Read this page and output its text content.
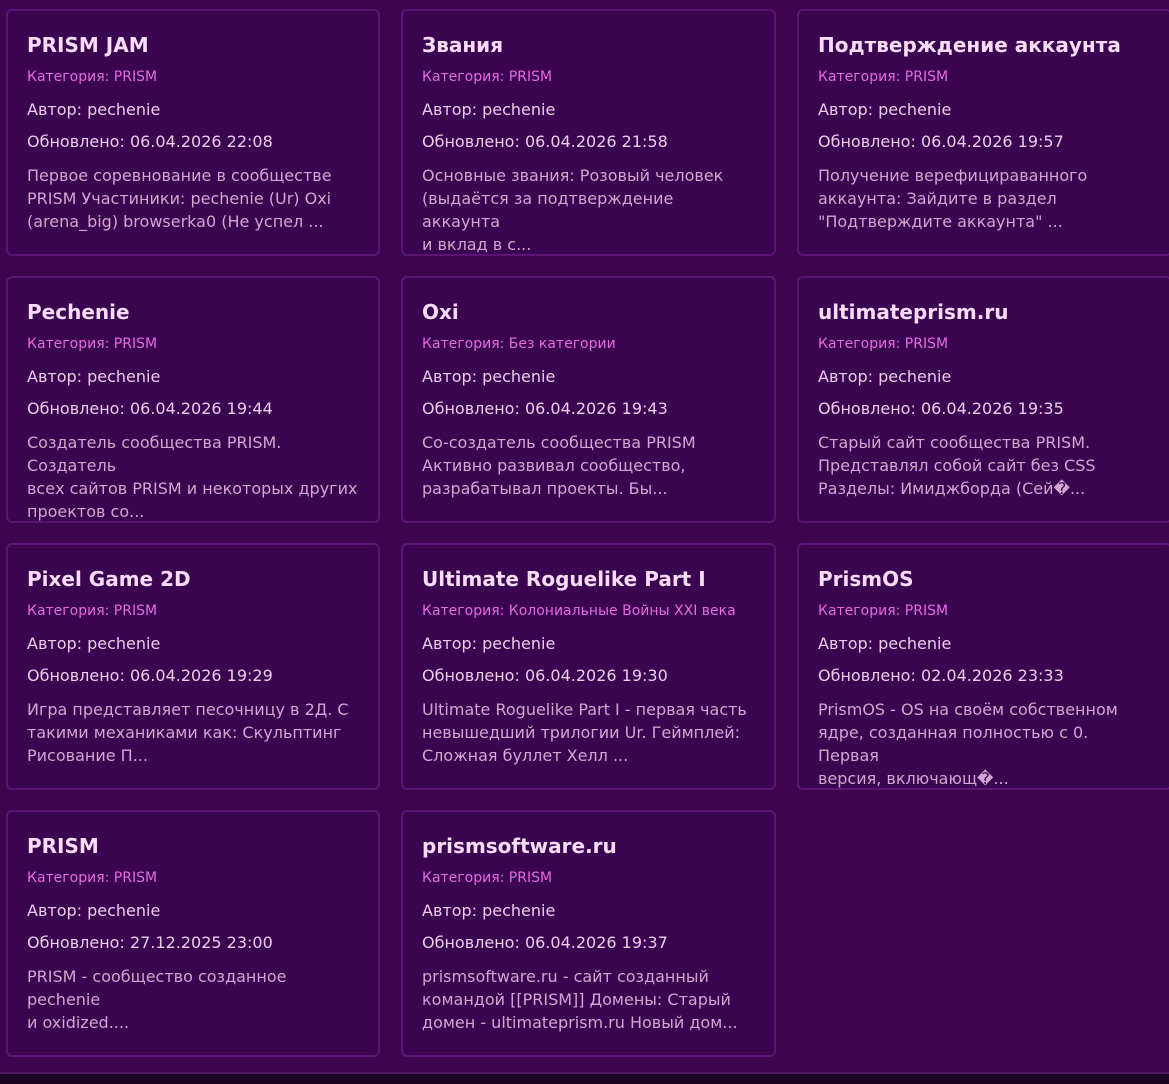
PRISM JAM
Категория: PRISM
Автор: pechenie
Обновлено: 06.04.2026 22:08
Первое соревнование в сообществе
PRISM Участиники: pechenie (Ur) Oxi
(arena_big) browserka0 (Не успел ...
Звания
Категория: PRISM
Автор: pechenie
Обновлено: 06.04.2026 21:58
Основные звания: Розовый человек
(выдаётся за подтверждение аккаунта
и вклад в с...
Подтверждение аккаунта
Категория: PRISM
Автор: pechenie
Обновлено: 06.04.2026 19:57
Получение верефицираванного
аккаунта: Зайдите в раздел
"Подтверждите аккаунта" ...
Pechenie
Категория: PRISM
Автор: pechenie
Обновлено: 06.04.2026 19:44
Создатель сообщества PRISM. Создатель
всех сайтов PRISM и некоторых других
проектов со...
Oxi
Категория: Без категории
Автор: pechenie
Обновлено: 06.04.2026 19:43
Со-создатель сообщества PRISM
Активно развивал сообщество,
разрабатывал проекты. Бы...
ultimateprism.ru
Категория: PRISM
Автор: pechenie
Обновлено: 06.04.2026 19:35
Старый сайт сообщества PRISM.
Представлял собой сайт без CSS
Разделы: Имиджборда (Сей�...
Pixel Game 2D
Категория: PRISM
Автор: pechenie
Обновлено: 06.04.2026 19:29
Игра представляет песочницу в 2Д. С
такими механиками как: Скульптинг
Рисование П...
Ultimate Roguelike Part I
Категория: Колониальные Войны XXI века
Автор: pechenie
Обновлено: 06.04.2026 19:30
Ultimate Roguelike Part I - первая часть
невышедший трилогии Ur. Геймплей:
Сложная буллет Хелл ...
PrismOS
Категория: PRISM
Автор: pechenie
Обновлено: 02.04.2026 23:33
PrismOS - OS на своём собственном
ядре, созданная полностью с 0. Первая
версия, включающ�...
PRISM
Категория: PRISM
Автор: pechenie
Обновлено: 27.12.2025 23:00
PRISM - сообщество созданное pechenie
и oxidized....
prismsoftware.ru
Категория: PRISM
Автор: pechenie
Обновлено: 06.04.2026 19:37
prismsoftware.ru - сайт созданный
командой [[PRISM]] Домены: Старый
домен - ultimateprism.ru Новый дом...
